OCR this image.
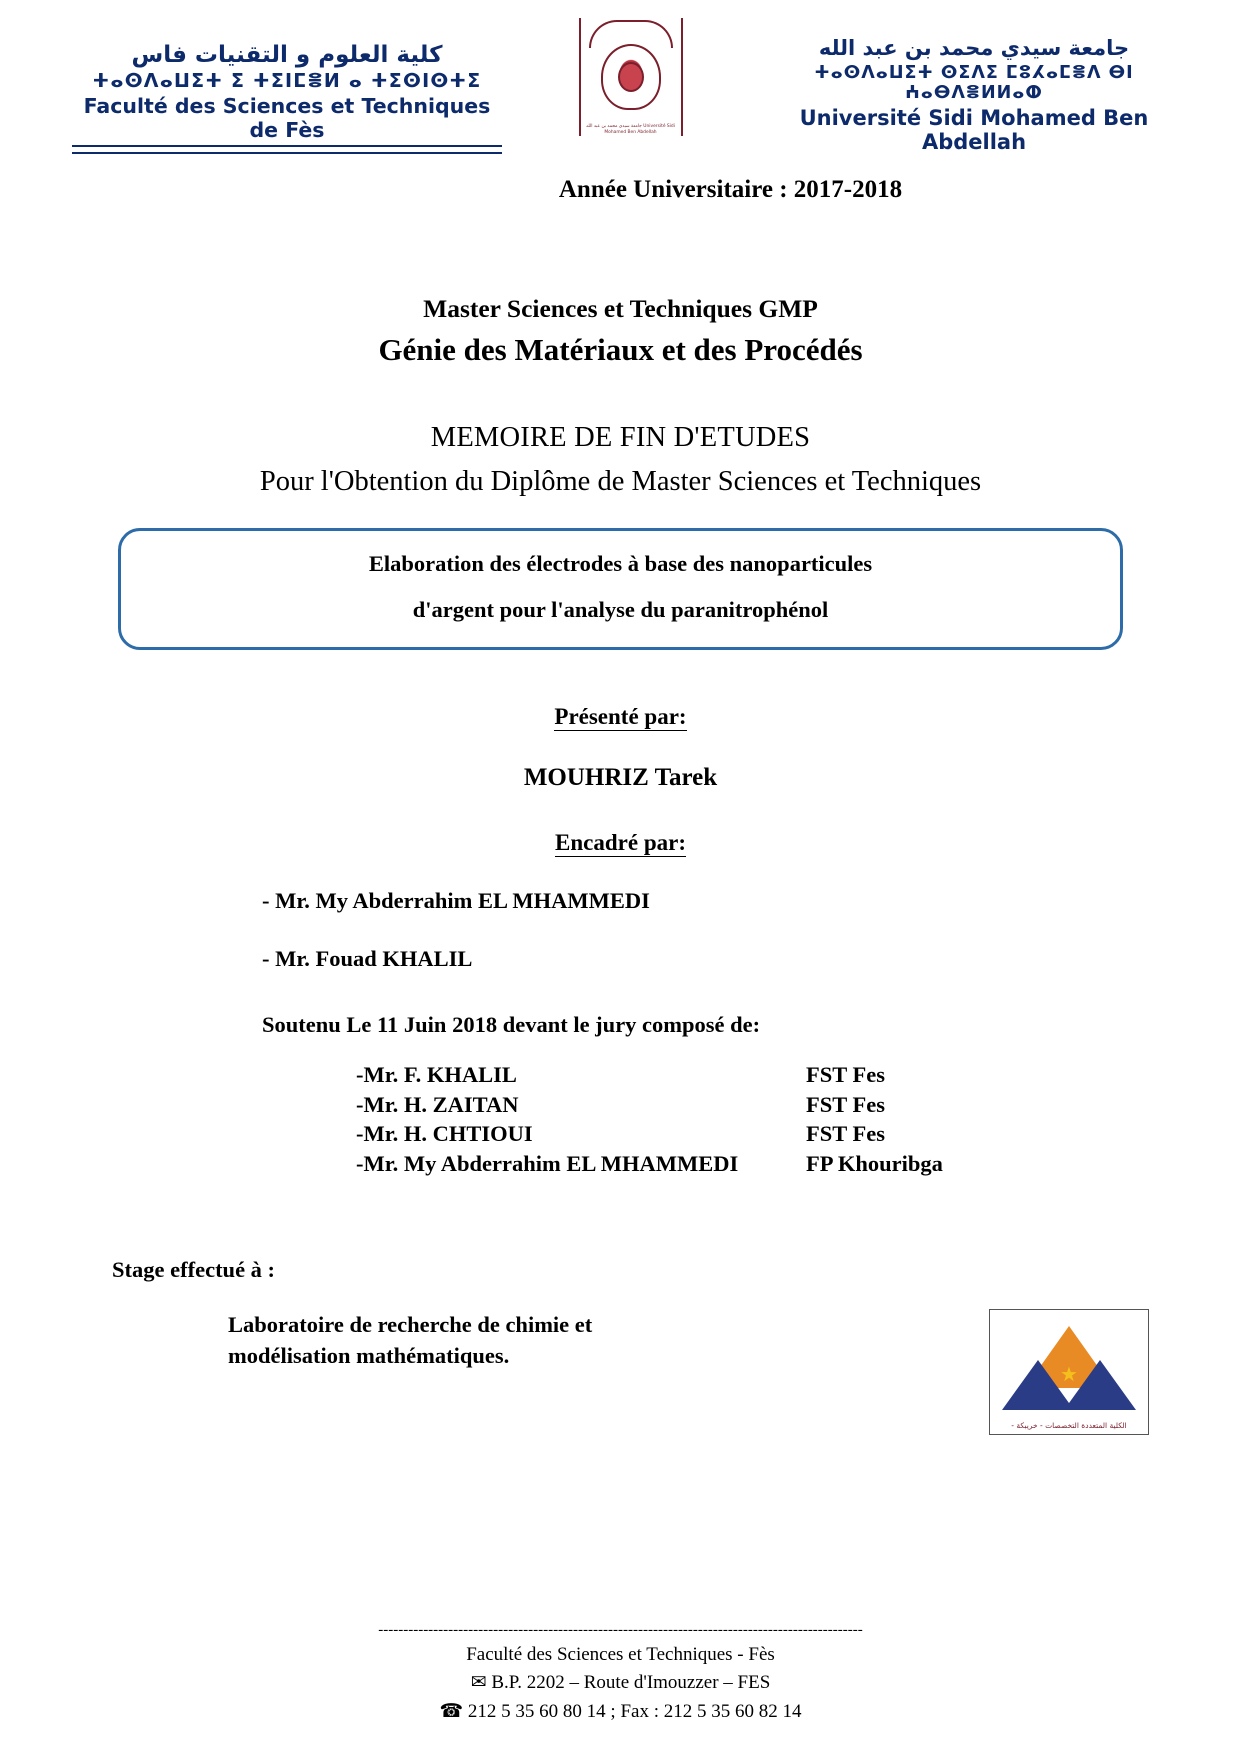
كلية العلوم و التقنيات فاس
ⵜⴰⵙⴷⴰⵡⵉⵜ ⵉ ⵜⵉⵏⵎⴻⵍ ⴰ ⵜⵉⵙⵏⵙⵜⵉ
Faculté des Sciences et Techniques de Fès	جامعة سيدي محمد بن عبد الله Université Sidi Mohamed Ben Abdellah
جامعة سيدي محمد بن عبد الله
ⵜⴰⵙⴷⴰⵡⵉⵜ ⵙⵉⴷⵉ ⵎⵓⵃⴰⵎⴻⴷ ⴱⵏ ⵄⴰⴱⴷⴻⵍⵍⴰⵀ
Université Sidi Mohamed Ben Abdellah
Année Universitaire : 2017-2018
Master Sciences et Techniques GMP
Génie des Matériaux et des Procédés
MEMOIRE DE FIN D'ETUDES
Pour l'Obtention du Diplôme de Master Sciences et Techniques
Elaboration des électrodes à base des nanoparticules
d'argent pour l'analyse du paranitrophénol
Présenté par:
MOUHRIZ Tarek
Encadré par:
- Mr. My Abderrahim EL MHAMMEDI
- Mr. Fouad KHALIL
Soutenu Le 11 Juin 2018 devant le jury composé de:
-Mr. F. KHALIL	FST Fes
-Mr. H. ZAITAN	FST Fes
-Mr. H. CHTIOUI	FST Fes
-Mr. My Abderrahim EL MHAMMEDI	FP Khouribga
Stage effectué à :
Laboratoire de recherche de chimie et
modélisation mathématiques.
★
الكلية المتعددة التخصصات - خريبكة -
-------------------------------------------------------------------------------------------------
Faculté des Sciences et Techniques - Fès
✉ B.P. 2202 – Route d'Imouzzer – FES
☎ 212 5 35 60 80 14 ; Fax : 212 5 35 60 82 14
